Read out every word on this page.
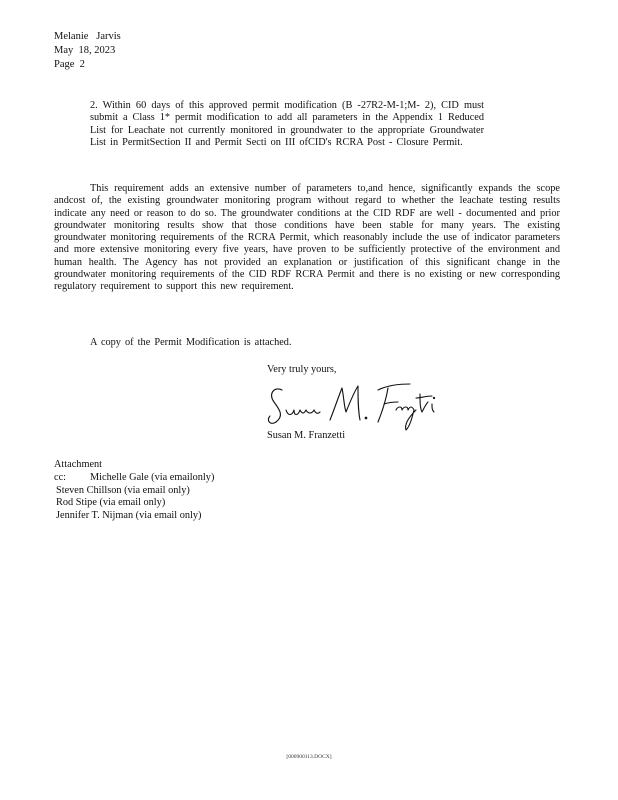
Melanie   Jarvis
May  18, 2023
Page  2
2. Within 60 days of this approved permit modification (B -27R2-M-1;M- 2), CID must submit a Class 1* permit modification to add all parameters in the Appendix 1 Reduced List for Leachate not currently monitored in groundwater to the appropriate Groundwater List in PermitSection II and Permit Secti on III ofCID's RCRA Post - Closure Permit.
This requirement adds an extensive number of parameters to,and hence, significantly expands the scope andcost of, the existing groundwater monitoring program without regard to whether the leachate testing results indicate any need or reason to do so. The groundwater conditions at the CID RDF are well - documented and prior groundwater monitoring results show that those conditions have been stable for many years. The existing groundwater monitoring requirements of the RCRA Permit, which reasonably include the use of indicator parameters and more extensive monitoring every five years, have proven to be sufficiently protective of the environment and human health. The Agency has not provided an explanation or justification of this significant change in the groundwater monitoring requirements of the CID RDF RCRA Permit and there is no existing or new corresponding regulatory requirement to support this new requirement.
A copy of the Permit Modification is attached.
Very truly yours,
Susan M. Franzetti
Attachment
cc:	Michelle Gale (via emailonly)
Steven Chillson (via email only)
Rod Stipe (via email only)
Jennifer T. Nijman (via email only)
[000900113.DOCX]
